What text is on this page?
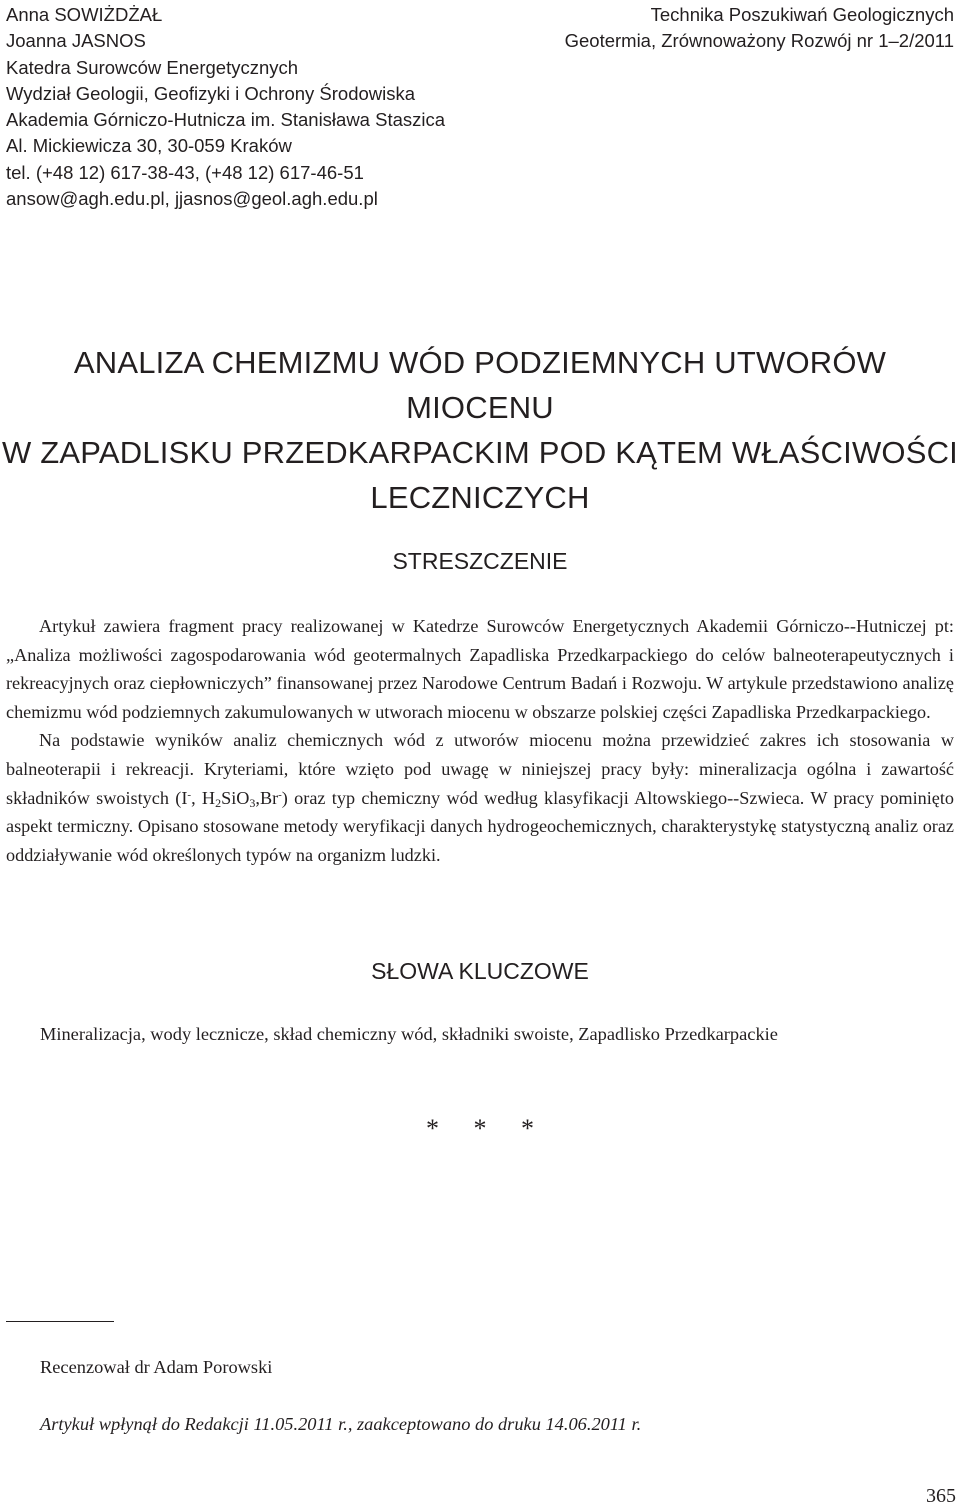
Anna SOWIŻDŻAŁ
Joanna JASNOS
Katedra Surowców Energetycznych
Wydział Geologii, Geofizyki i Ochrony Środowiska
Akademia Górniczo-Hutnicza im. Stanisława Staszica
Al. Mickiewicza 30, 30-059 Kraków
tel. (+48 12) 617-38-43, (+48 12) 617-46-51
ansow@agh.edu.pl, jjasnos@geol.agh.edu.pl
Technika Poszukiwań Geologicznych
Geotermia, Zrównoważony Rozwój nr 1–2/2011
ANALIZA CHEMIZMU WÓD PODZIEMNYCH UTWORÓW MIOCENU
W ZAPADLISKU PRZEDKARPACKIM POD KĄTEM WŁAŚCIWOŚCI
LECZNICZYCH
STRESZCZENIE

Artykuł zawiera fragment pracy realizowanej w Katedrze Surowców Energetycznych Akademii Górniczo--Hutniczej pt: „Analiza możliwości zagospodarowania wód geotermalnych Zapadliska Przedkarpackiego do celów balneoterapeutycznych i rekreacyjnych oraz ciepłowniczych” finansowanej przez Narodowe Centrum Badań i Rozwoju. W artykule przedstawiono analizę chemizmu wód podziemnych zakumulowanych w utworach miocenu w obszarze polskiej części Zapadliska Przedkarpackiego.

Na podstawie wyników analiz chemicznych wód z utworów miocenu można przewidzieć zakres ich stosowania w balneoterapii i rekreacji. Kryteriami, które wzięto pod uwagę w niniejszej pracy były: mineralizacja ogólna i zawartość składników swoistych (I-, $H_2SiO_3,Br^-$) oraz typ chemiczny wód według klasyfikacji Altowskiego--Szwieca. W pracy pominięto aspekt termiczny. Opisano stosowane metody weryfikacji danych hydrogeochemicznych, charakterystykę statystyczną analiz oraz oddziaływanie wód określonych typów na organizm ludzki.

SŁOWA KLUCZOWE
Mineralizacja, wody lecznicze, skład chemiczny wód, składniki swoiste, Zapadlisko Przedkarpackie
* * *
Recenzował dr Adam Porowski
Artykuł wpłynął do Redakcji 11.05.2011 r., zaakceptowano do druku 14.06.2011 r.
365
